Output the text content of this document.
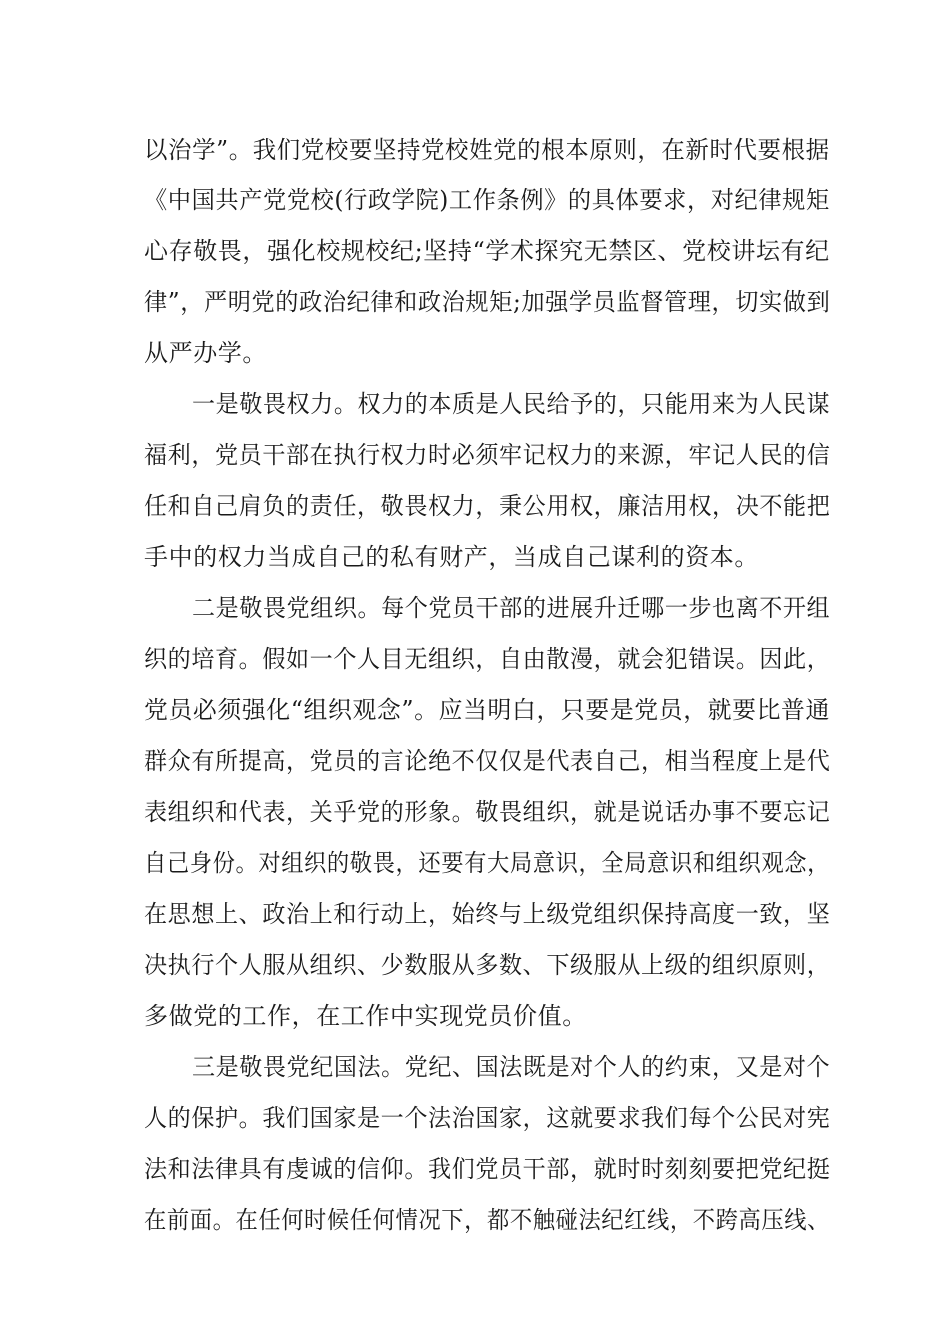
以治学”。我们党校要坚持党校姓党的根本原则，在新时代要根据
《中国共产党党校(行政学院)工作条例》的具体要求，对纪律规矩
心存敬畏，强化校规校纪;坚持“学术探究无禁区、党校讲坛有纪
律”，严明党的政治纪律和政治规矩;加强学员监督管理，切实做到
从严办学。
一是敬畏权力。权力的本质是人民给予的，只能用来为人民谋
福利，党员干部在执行权力时必须牢记权力的来源，牢记人民的信
任和自己肩负的责任，敬畏权力，秉公用权，廉洁用权，决不能把
手中的权力当成自己的私有财产，当成自己谋利的资本。
二是敬畏党组织。每个党员干部的进展升迁哪一步也离不开组
织的培育。假如一个人目无组织，自由散漫，就会犯错误。因此，
党员必须强化“组织观念”。应当明白，只要是党员，就要比普通
群众有所提高，党员的言论绝不仅仅是代表自己，相当程度上是代
表组织和代表，关乎党的形象。敬畏组织，就是说话办事不要忘记
自己身份。对组织的敬畏，还要有大局意识，全局意识和组织观念，
在思想上、政治上和行动上，始终与上级党组织保持高度一致，坚
决执行个人服从组织、少数服从多数、下级服从上级的组织原则，
多做党的工作，在工作中实现党员价值。
三是敬畏党纪国法。党纪、国法既是对个人的约束，又是对个
人的保护。我们国家是一个法治国家，这就要求我们每个公民对宪
法和法律具有虔诚的信仰。我们党员干部，就时时刻刻要把党纪挺
在前面。在任何时候任何情况下，都不触碰法纪红线，不跨高压线、
